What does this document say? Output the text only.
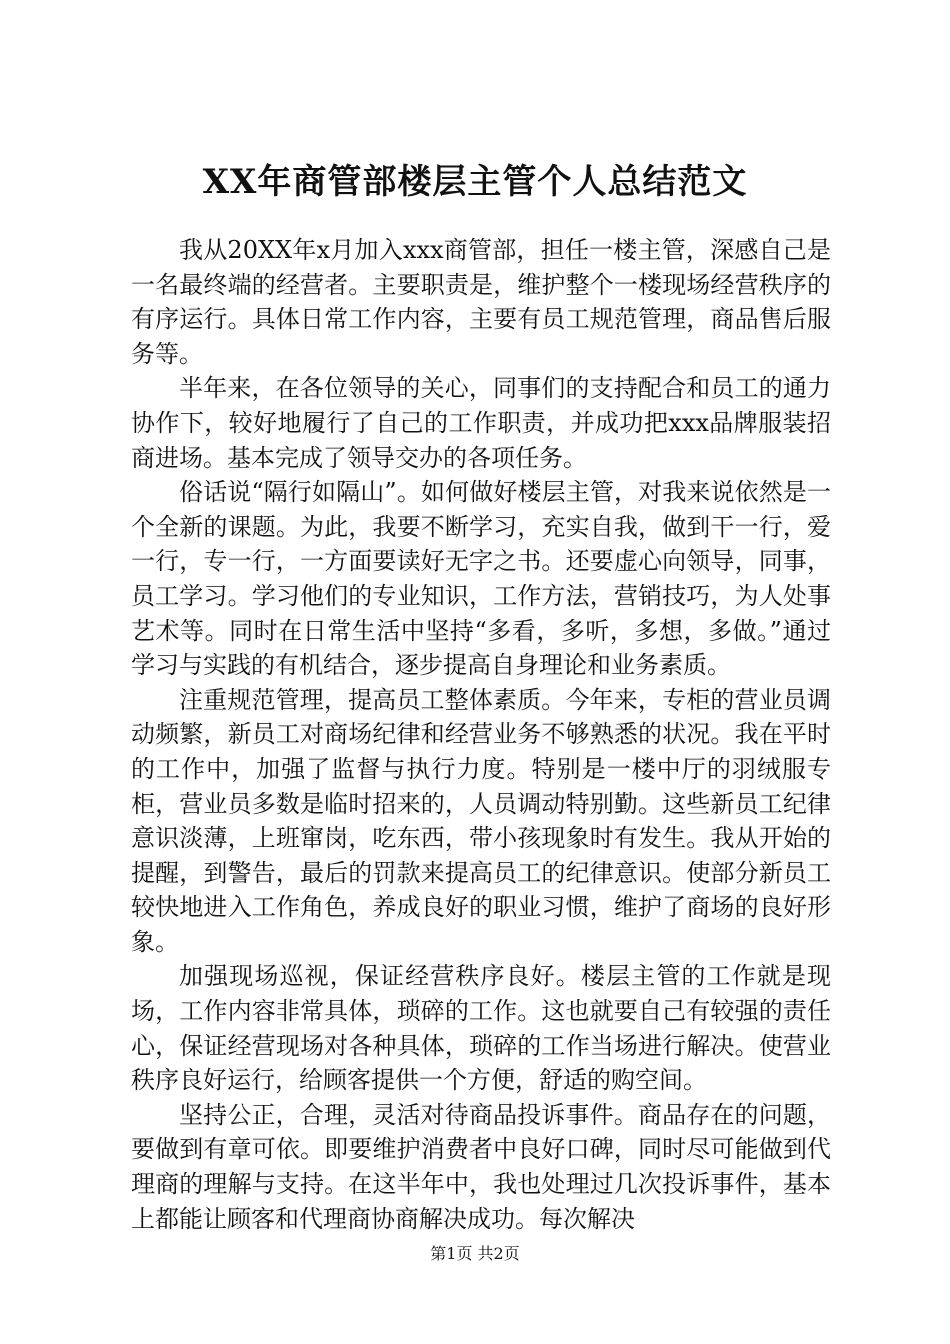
XX年商管部楼层主管个人总结范文

我从20XX年x月加入xxx商管部，担任一楼主管，深感自己是一名最终端的经营者。主要职责是，维护整个一楼现场经营秩序的有序运行。具体日常工作内容，主要有员工规范管理，商品售后服务等。

半年来，在各位领导的关心，同事们的支持配合和员工的通力协作下，较好地履行了自己的工作职责，并成功把xxx品牌服装招商进场。基本完成了领导交办的各项任务。

俗话说“隔行如隔山”。如何做好楼层主管，对我来说依然是一个全新的课题。为此，我要不断学习，充实自我，做到干一行，爱一行，专一行，一方面要读好无字之书。还要虚心向领导，同事，员工学习。学习他们的专业知识，工作方法，营销技巧，为人处事艺术等。同时在日常生活中坚持“多看，多听，多想，多做。”通过学习与实践的有机结合，逐步提高自身理论和业务素质。

注重规范管理，提高员工整体素质。今年来，专柜的营业员调动频繁，新员工对商场纪律和经营业务不够熟悉的状况。我在平时的工作中，加强了监督与执行力度。特别是一楼中厅的羽绒服专柜，营业员多数是临时招来的，人员调动特别勤。这些新员工纪律意识淡薄，上班窜岗，吃东西，带小孩现象时有发生。我从开始的提醒，到警告，最后的罚款来提高员工的纪律意识。使部分新员工较快地进入工作角色，养成良好的职业习惯，维护了商场的良好形象。

加强现场巡视，保证经营秩序良好。楼层主管的工作就是现场，工作内容非常具体，琐碎的工作。这也就要自己有较强的责任心，保证经营现场对各种具体，琐碎的工作当场进行解决。使营业秩序良好运行，给顾客提供一个方便，舒适的购空间。

坚持公正，合理，灵活对待商品投诉事件。商品存在的问题，要做到有章可依。即要维护消费者中良好口碑，同时尽可能做到代理商的理解与支持。在这半年中，我也处理过几次投诉事件，基本上都能让顾客和代理商协商解决成功。每次解决

第1页 共2页
